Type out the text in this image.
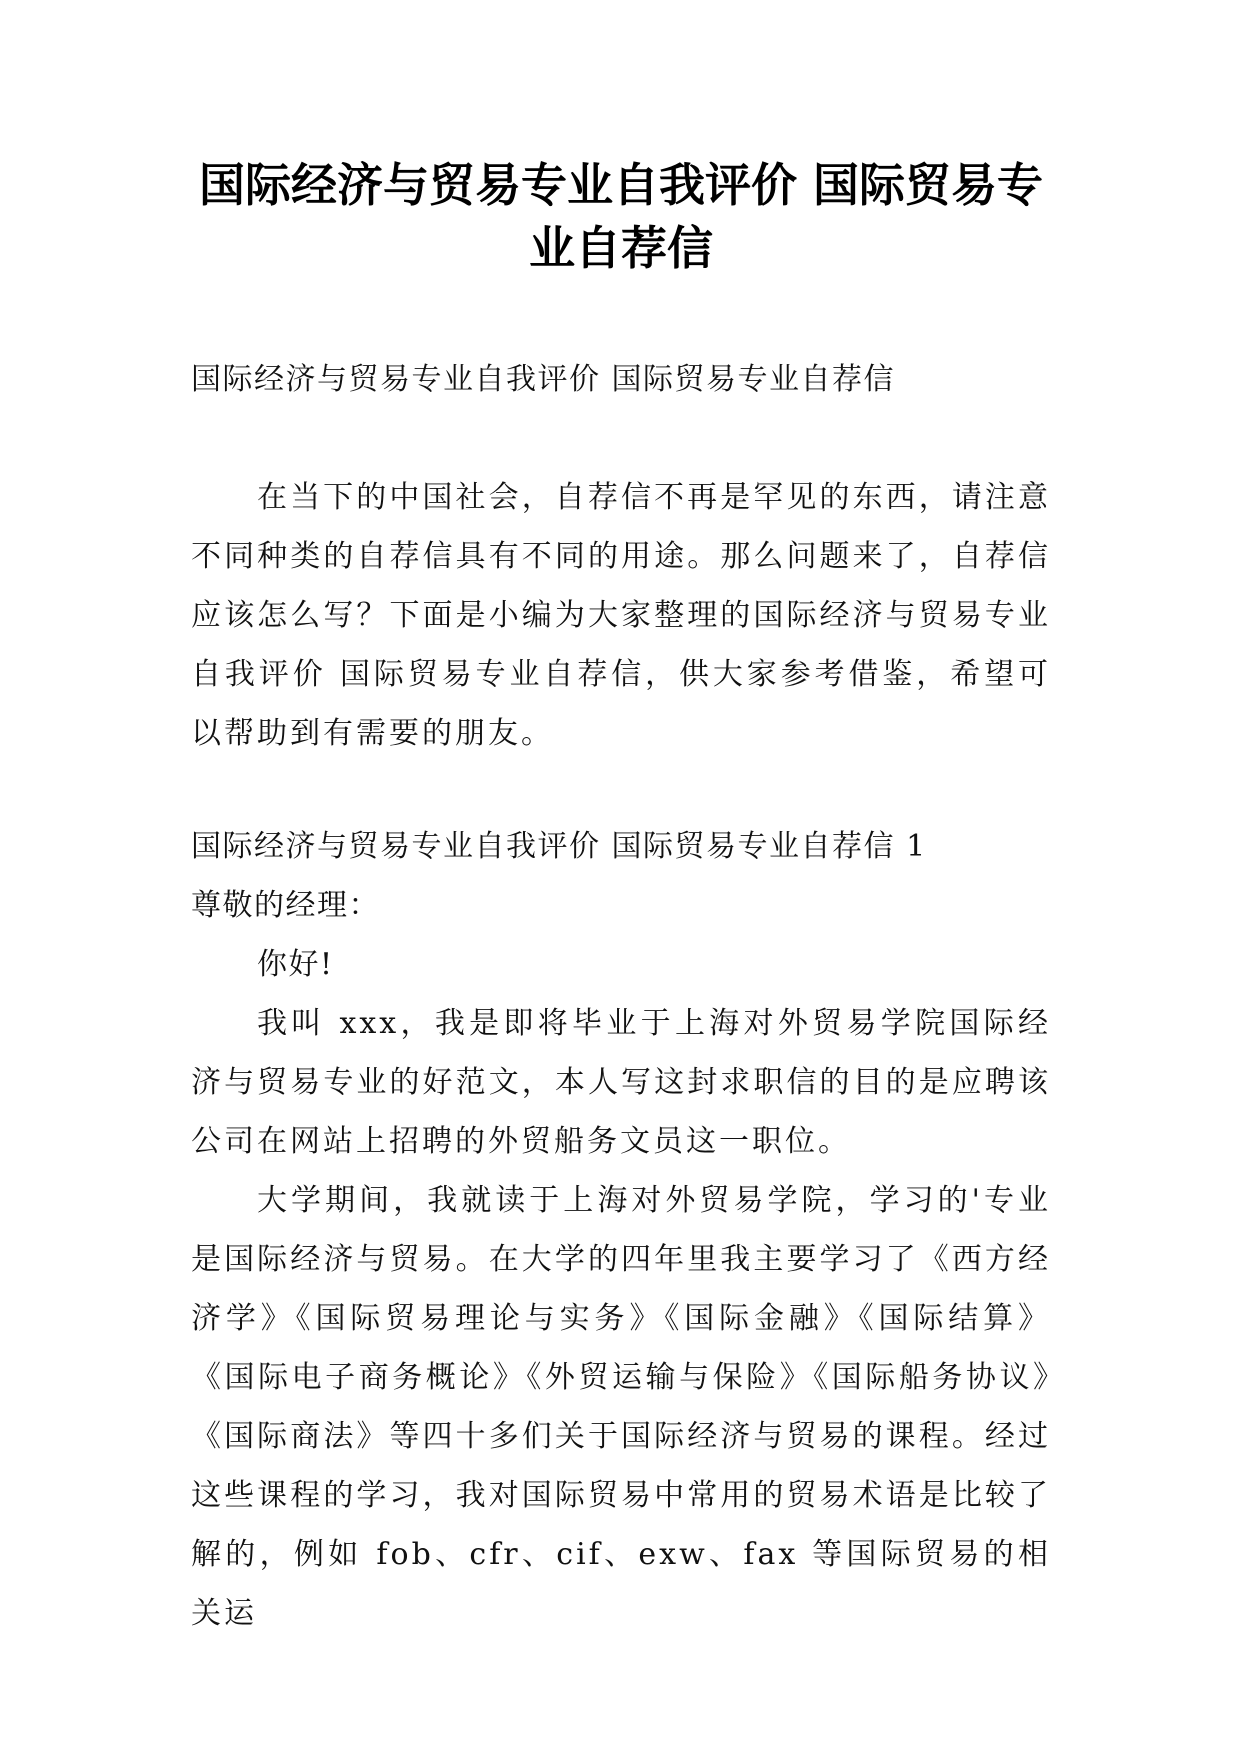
国际经济与贸易专业自我评价 国际贸易专业自荐信

国际经济与贸易专业自我评价 国际贸易专业自荐信

在当下的中国社会，自荐信不再是罕见的东西，请注意不同种类的自荐信具有不同的用途。那么问题来了，自荐信应该怎么写？下面是小编为大家整理的国际经济与贸易专业自我评价 国际贸易专业自荐信，供大家参考借鉴，希望可以帮助到有需要的朋友。

国际经济与贸易专业自我评价 国际贸易专业自荐信 1

尊敬的经理：

你好!

我叫 xxx，我是即将毕业于上海对外贸易学院国际经济与贸易专业的好范文，本人写这封求职信的目的是应聘该公司在网站上招聘的外贸船务文员这一职位。

大学期间，我就读于上海对外贸易学院，学习的'专业是国际经济与贸易。在大学的四年里我主要学习了《西方经济学》《国际贸易理论与实务》《国际金融》《国际结算》《国际电子商务概论》《外贸运输与保险》《国际船务协议》《国际商法》等四十多们关于国际经济与贸易的课程。经过这些课程的学习，我对国际贸易中常用的贸易术语是比较了解的，例如 fob、cfr、cif、exw、fax 等国际贸易的相关运
